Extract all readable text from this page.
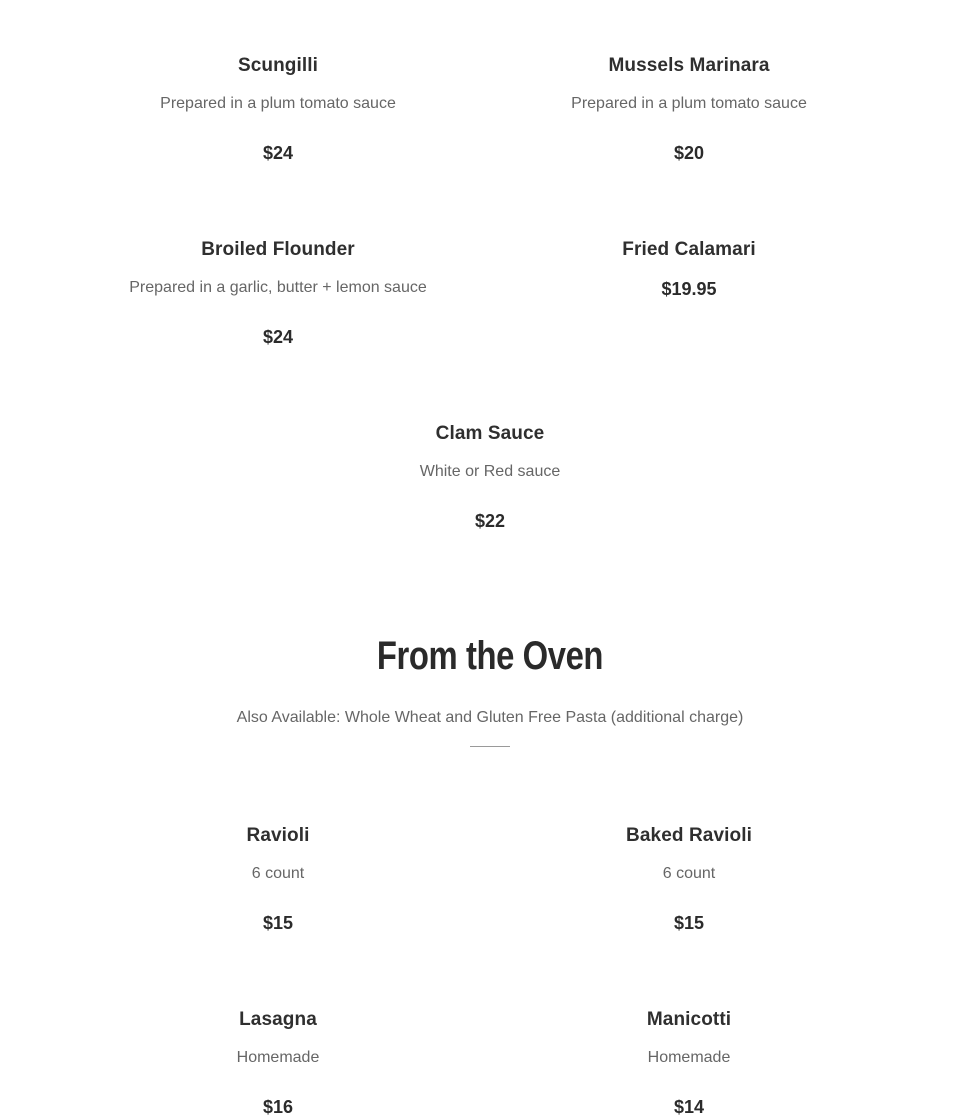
Scungilli
Prepared in a plum tomato sauce
$24
Mussels Marinara
Prepared in a plum tomato sauce
$20
Broiled Flounder
Prepared in a garlic, butter + lemon sauce
$24
Fried Calamari
$19.95
Clam Sauce
White or Red sauce
$22
From the Oven
Also Available: Whole Wheat and Gluten Free Pasta (additional charge)
Ravioli
6 count
$15
Baked Ravioli
6 count
$15
Lasagna
Homemade
$16
Manicotti
Homemade
$14
